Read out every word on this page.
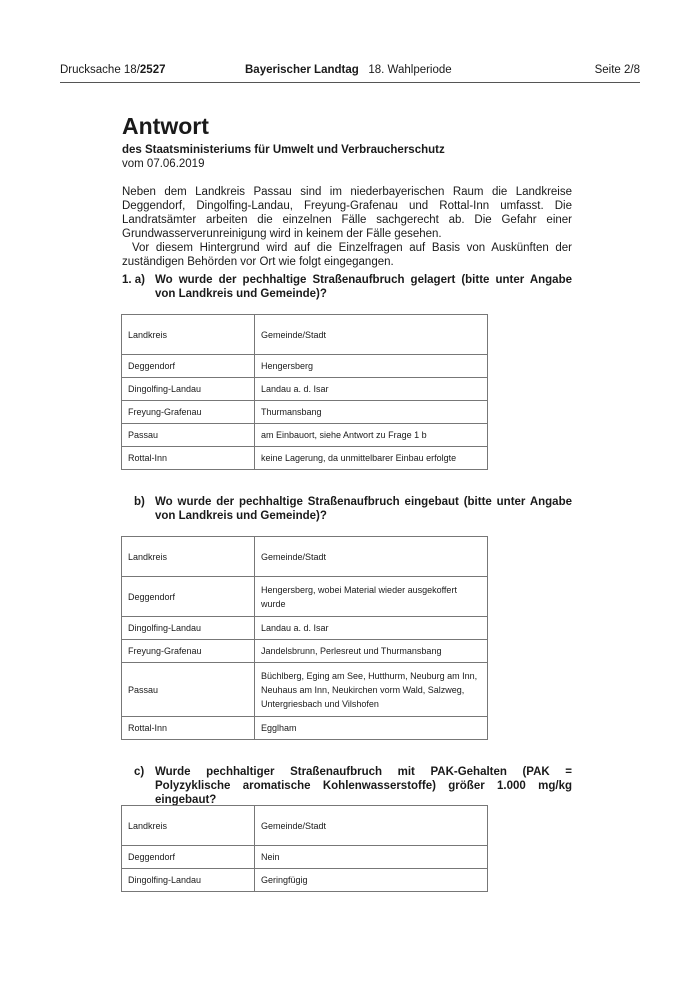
Drucksache 18/2527	Bayerischer Landtag 18. Wahlperiode	Seite 2/8
Antwort
des Staatsministeriums für Umwelt und Verbraucherschutz
vom 07.06.2019
Neben dem Landkreis Passau sind im niederbayerischen Raum die Landkreise Deggendorf, Dingolfing-Landau, Freyung-Grafenau und Rottal-Inn umfasst. Die Landratsämter arbeiten die einzelnen Fälle sachgerecht ab. Die Gefahr einer Grundwasserverunreinigung wird in keinem der Fälle gesehen.
Vor diesem Hintergrund wird auf die Einzelfragen auf Basis von Auskünften der zuständigen Behörden vor Ort wie folgt eingegangen.
1. a) Wo wurde der pechhaltige Straßenaufbruch gelagert (bitte unter Angabe von Landkreis und Gemeinde)?
Landkreis	Gemeinde/Stadt
Deggendorf	Hengersberg
Dingolfing-Landau	Landau a. d. Isar
Freyung-Grafenau	Thurmansbang
Passau	am Einbauort, siehe Antwort zu Frage 1 b
Rottal-Inn	keine Lagerung, da unmittelbarer Einbau erfolgte
b) Wo wurde der pechhaltige Straßenaufbruch eingebaut (bitte unter Angabe von Landkreis und Gemeinde)?
Landkreis	Gemeinde/Stadt
Deggendorf	Hengersberg, wobei Material wieder ausgekoffert wurde
Dingolfing-Landau	Landau a. d. Isar
Freyung-Grafenau	Jandelsbrunn, Perlesreut und Thurmansbang
Passau	Büchlberg, Eging am See, Hutthurm, Neuburg am Inn, Neuhaus am Inn, Neukirchen vorm Wald, Salzweg, Untergriesbach und Vilshofen
Rottal-Inn	Egglham
c) Wurde pechhaltiger Straßenaufbruch mit PAK-Gehalten (PAK = Polyzyklische aromatische Kohlenwasserstoffe) größer 1.000 mg/kg eingebaut?
Landkreis	Gemeinde/Stadt
Deggendorf	Nein
Dingolfing-Landau	Geringfügig
